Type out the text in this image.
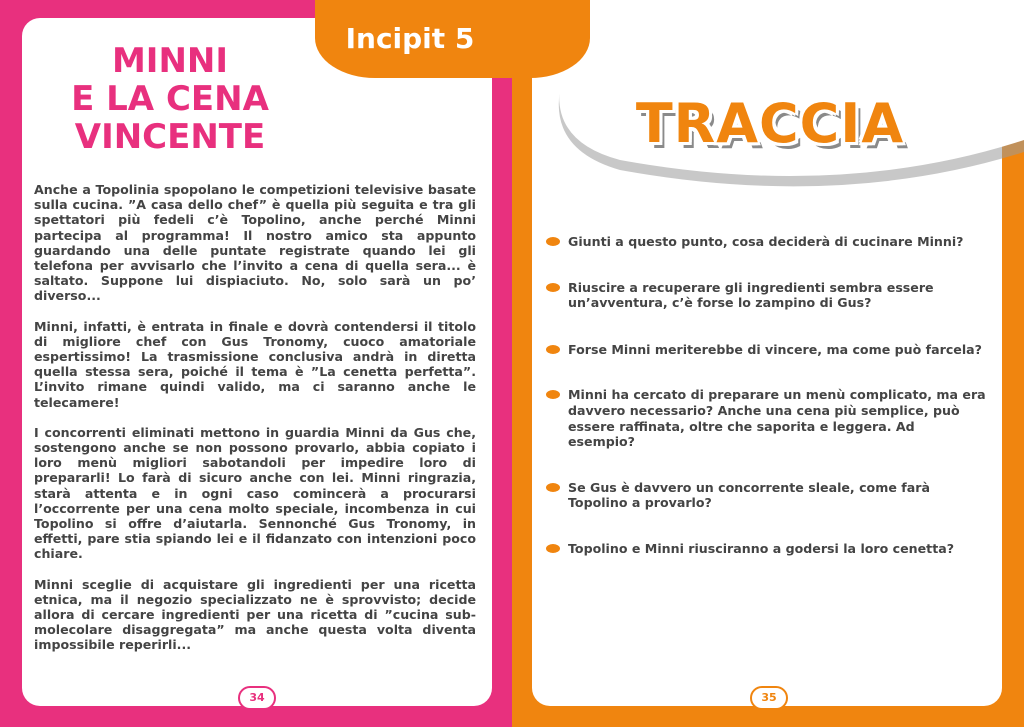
Incipit 5
MINNI
E LA CENA
VINCENTE	TRACCIA

Anche a Topolinia spopolano le competizioni televisive basate sulla cucina. ”A casa dello chef” è quella più seguita e tra gli spettatori più fedeli c’è Topolino, anche perché Minni partecipa al programma! Il nostro amico sta appunto guardando una delle puntate registrate quando lei gli telefona per avvisarlo che l’invito a cena di quella sera... è saltato. Suppone lui dispiaciuto. No, solo sarà un po’ diverso...

Minni, infatti, è entrata in finale e dovrà contendersi il titolo di migliore chef con Gus Tronomy, cuoco amatoriale espertissimo! La trasmissione conclusiva andrà in diretta quella stessa sera, poiché il tema è ”La cenetta perfetta”. L’invito rimane quindi valido, ma ci saranno anche le telecamere!

I concorrenti eliminati mettono in guardia Minni da Gus che, sostengono anche se non possono provarlo, abbia copiato i loro menù migliori sabotandoli per impedire loro di prepararli! Lo farà di sicuro anche con lei. Minni ringrazia, starà attenta e in ogni caso comincerà a procurarsi l’occorrente per una cena molto speciale, incombenza in cui Topolino si offre d’aiutarla. Sennonché Gus Tronomy, in effetti, pare stia spiando lei e il fidanzato con intenzioni poco chiare.

Minni sceglie di acquistare gli ingredienti per una ricetta etnica, ma il negozio specializzato ne è sprovvisto; decide allora di cercare ingredienti per una ricetta di ”cucina sub-molecolare disaggregata” ma anche questa volta diventa impossibile reperirli...

Giunti a questo punto, cosa deciderà di cucinare Minni?
Riuscire a recuperare gli ingredienti sembra essere un’avventura, c’è forse lo zampino di Gus?
Forse Minni meriterebbe di vincere, ma come può farcela?
Minni ha cercato di preparare un menù complicato, ma era davvero necessario? Anche una cena più semplice, può essere raffinata, oltre che saporita e leggera. Ad esempio?
Se Gus è davvero un concorrente sleale, come farà Topolino a provarlo?
Topolino e Minni riusciranno a godersi la loro cenetta?
34	35
